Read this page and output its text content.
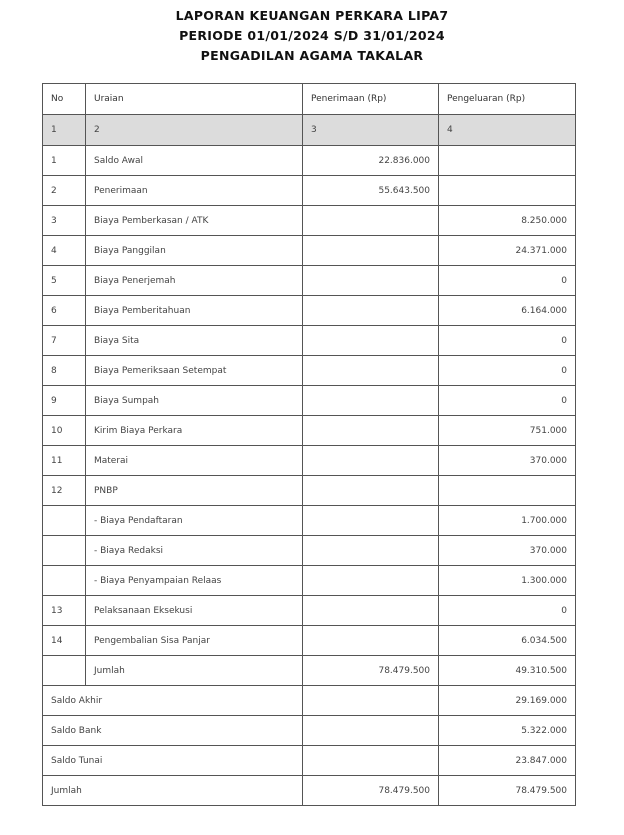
LAPORAN KEUANGAN PERKARA LIPA7
PERIODE 01/01/2024 S/D 31/01/2024
PENGADILAN AGAMA TAKALAR
No	Uraian	Penerimaan (Rp)	Pengeluaran (Rp)
1	2	3	4
1	Saldo Awal	22.836.000	
2	Penerimaan	55.643.500	
3	Biaya Pemberkasan / ATK		8.250.000
4	Biaya Panggilan		24.371.000
5	Biaya Penerjemah		0
6	Biaya Pemberitahuan		6.164.000
7	Biaya Sita		0
8	Biaya Pemeriksaan Setempat		0
9	Biaya Sumpah		0
10	Kirim Biaya Perkara		751.000
11	Materai		370.000
12	PNBP		
	- Biaya Pendaftaran		1.700.000
	- Biaya Redaksi		370.000
	- Biaya Penyampaian Relaas		1.300.000
13	Pelaksanaan Eksekusi		0
14	Pengembalian Sisa Panjar		6.034.500
	Jumlah	78.479.500	49.310.500
Saldo Akhir			29.169.000
Saldo Bank			5.322.000
Saldo Tunai			23.847.000
Jumlah		78.479.500	78.479.500
